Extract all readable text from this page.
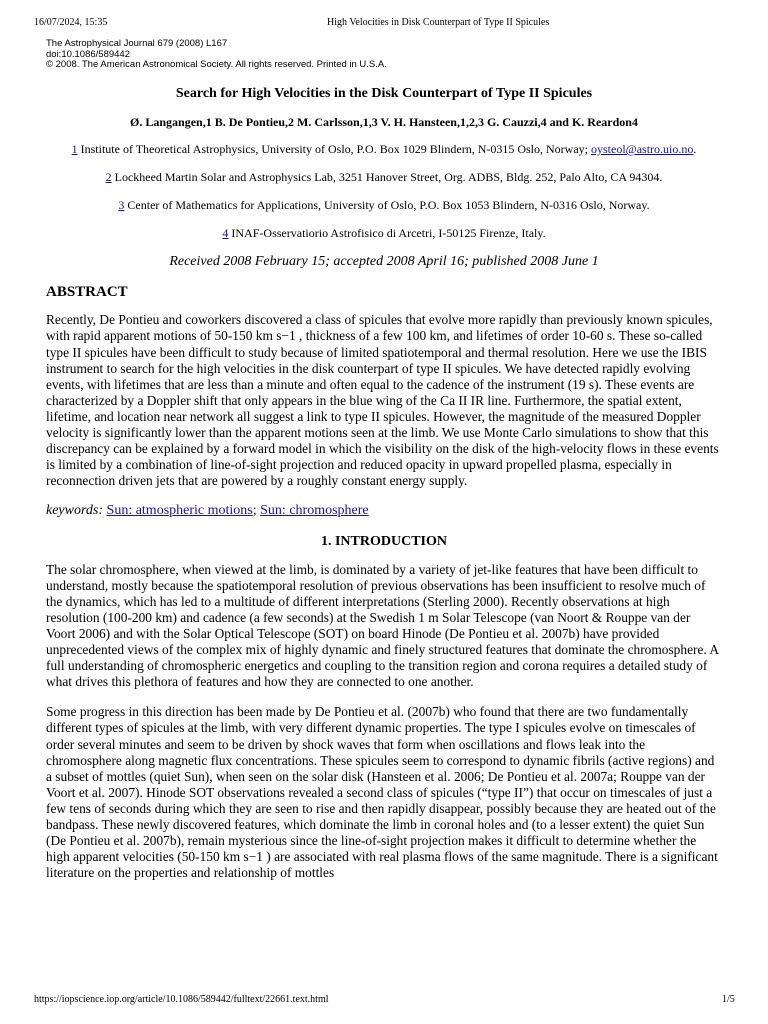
16/07/2024, 15:35	High Velocities in Disk Counterpart of Type II Spicules
The Astrophysical Journal 679 (2008) L167
doi:10.1086/589442
© 2008. The American Astronomical Society. All rights reserved. Printed in U.S.A.
Search for High Velocities in the Disk Counterpart of Type II Spicules
Ø. Langangen,1 B. De Pontieu,2 M. Carlsson,1,3 V. H. Hansteen,1,2,3 G. Cauzzi,4 and K. Reardon4
1 Institute of Theoretical Astrophysics, University of Oslo, P.O. Box 1029 Blindern, N-0315 Oslo, Norway; oysteol@astro.uio.no.
2 Lockheed Martin Solar and Astrophysics Lab, 3251 Hanover Street, Org. ADBS, Bldg. 252, Palo Alto, CA 94304.
3 Center of Mathematics for Applications, University of Oslo, P.O. Box 1053 Blindern, N-0316 Oslo, Norway.
4 INAF-Osservatiorio Astrofisico di Arcetri, I-50125 Firenze, Italy.
Received 2008 February 15; accepted 2008 April 16; published 2008 June 1
ABSTRACT

Recently, De Pontieu and coworkers discovered a class of spicules that evolve more rapidly than previously known spicules, with rapid apparent motions of 50-150 km s−1 , thickness of a few 100 km, and lifetimes of order 10-60 s. These so-called type II spicules have been difficult to study because of limited spatiotemporal and thermal resolution. Here we use the IBIS instrument to search for the high velocities in the disk counterpart of type II spicules. We have detected rapidly evolving events, with lifetimes that are less than a minute and often equal to the cadence of the instrument (19 s). These events are characterized by a Doppler shift that only appears in the blue wing of the Ca II IR line. Furthermore, the spatial extent, lifetime, and location near network all suggest a link to type II spicules. However, the magnitude of the measured Doppler velocity is significantly lower than the apparent motions seen at the limb. We use Monte Carlo simulations to show that this discrepancy can be explained by a forward model in which the visibility on the disk of the high-velocity flows in these events is limited by a combination of line-of-sight projection and reduced opacity in upward propelled plasma, especially in reconnection driven jets that are powered by a roughly constant energy supply.

keywords: Sun: atmospheric motions; Sun: chromosphere
1. INTRODUCTION

The solar chromosphere, when viewed at the limb, is dominated by a variety of jet-like features that have been difficult to understand, mostly because the spatiotemporal resolution of previous observations has been insufficient to resolve much of the dynamics, which has led to a multitude of different interpretations (Sterling 2000). Recently observations at high resolution (100-200 km) and cadence (a few seconds) at the Swedish 1 m Solar Telescope (van Noort & Rouppe van der Voort 2006) and with the Solar Optical Telescope (SOT) on board Hinode (De Pontieu et al. 2007b) have provided unprecedented views of the complex mix of highly dynamic and finely structured features that dominate the chromosphere. A full understanding of chromospheric energetics and coupling to the transition region and corona requires a detailed study of what drives this plethora of features and how they are connected to one another.

Some progress in this direction has been made by De Pontieu et al. (2007b) who found that there are two fundamentally different types of spicules at the limb, with very different dynamic properties. The type I spicules evolve on timescales of order several minutes and seem to be driven by shock waves that form when oscillations and flows leak into the chromosphere along magnetic flux concentrations. These spicules seem to correspond to dynamic fibrils (active regions) and a subset of mottles (quiet Sun), when seen on the solar disk (Hansteen et al. 2006; De Pontieu et al. 2007a; Rouppe van der Voort et al. 2007). Hinode SOT observations revealed a second class of spicules (“type II”) that occur on timescales of just a few tens of seconds during which they are seen to rise and then rapidly disappear, possibly because they are heated out of the bandpass. These newly discovered features, which dominate the limb in coronal holes and (to a lesser extent) the quiet Sun (De Pontieu et al. 2007b), remain mysterious since the line-of-sight projection makes it difficult to determine whether the high apparent velocities (50-150 km s−1 ) are associated with real plasma flows of the same magnitude. There is a significant literature on the properties and relationship of mottles

https://iopscience.iop.org/article/10.1086/589442/fulltext/22661.text.html	1/5
